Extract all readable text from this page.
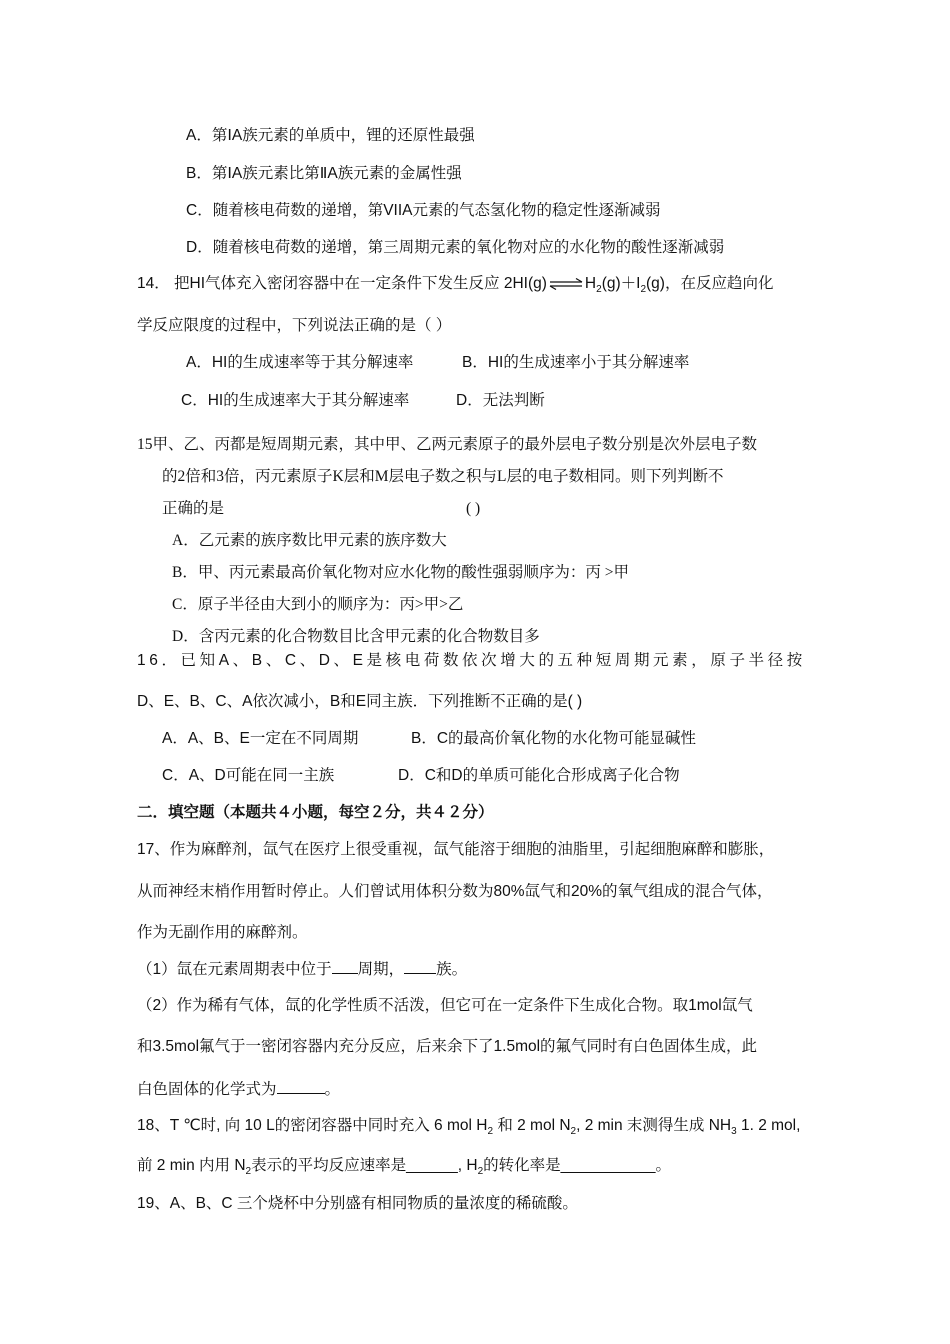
A．第ⅠA族元素的单质中，锂的还原性最强
B．第ⅠA族元素比第ⅡA族元素的金属性强
C．随着核电荷数的递增，第VIIA元素的气态氢化物的稳定性逐渐减弱
D．随着核电荷数的递增，第三周期元素的氧化物对应的水化物的酸性逐渐减弱
14． 把HI气体充入密闭容器中在一定条件下发生反应 2HI(g) ⇌ $H_2(g)+I_2(g)$，在反应趋向化
学反应限度的过程中，下列说法正确的是（ ）
A．HI的生成速率等于其分解速率	B．HI的生成速率小于其分解速率
C．HI的生成速率大于其分解速率	D．无法判断
15甲、乙、丙都是短周期元素，其中甲、乙两元素原子的最外层电子数分别是次外层电子数
的2倍和3倍，丙元素原子K层和M层电子数之积与L层的电子数相同。则下列判断不
正确的是	( )
A．乙元素的族序数比甲元素的族序数大
B．甲、丙元素最高价氧化物对应水化物的酸性强弱顺序为：丙 >甲
C．原子半径由大到小的顺序为：丙>甲>乙
D．含丙元素的化合物数目比含甲元素的化合物数目多
16．已知A、B、C、D、E是核电荷数依次增大的五种短周期元素，原子半径按
D、E、B、C、A依次减小，B和E同主族．下列推断不正确的是( )
A．A、B、E一定在不同周期	B．C的最高价氧化物的水化物可能显碱性
C．A、D可能在同一主族	D．C和D的单质可能化合形成离子化合物
二．填空题（本题共４小题，每空２分，共４２分）
17、作为麻醉剂，氙气在医疗上很受重视，氙气能溶于细胞的油脂里，引起细胞麻醉和膨胀，
从而神经末梢作用暂时停止。人们曾试用体积分数为80%氙气和20%的氧气组成的混合气体，
作为无副作用的麻醉剂。
（1）氙在元素周期表中位于 周期， 族。
（2）作为稀有气体，氙的化学性质不活泼，但它可在一定条件下生成化合物。取1mol氙气
和3.5mol氟气于一密闭容器内充分反应，后来余下了1.5mol的氟气同时有白色固体生成，此
白色固体的化学式为	。
18、T ℃时, 向 10 L的密闭容器中同时充入 6 mol $H_2$ 和 2 mol $N_2$, 2 min 末测得生成 $NH_3$ 1. 2 mol,
前 2 min 内用 $N_2$表示的平均反应速率是______, $H_2$的转化率是___________。
19、A、B、C 三个烧杯中分别盛有相同物质的量浓度的稀硫酸。
